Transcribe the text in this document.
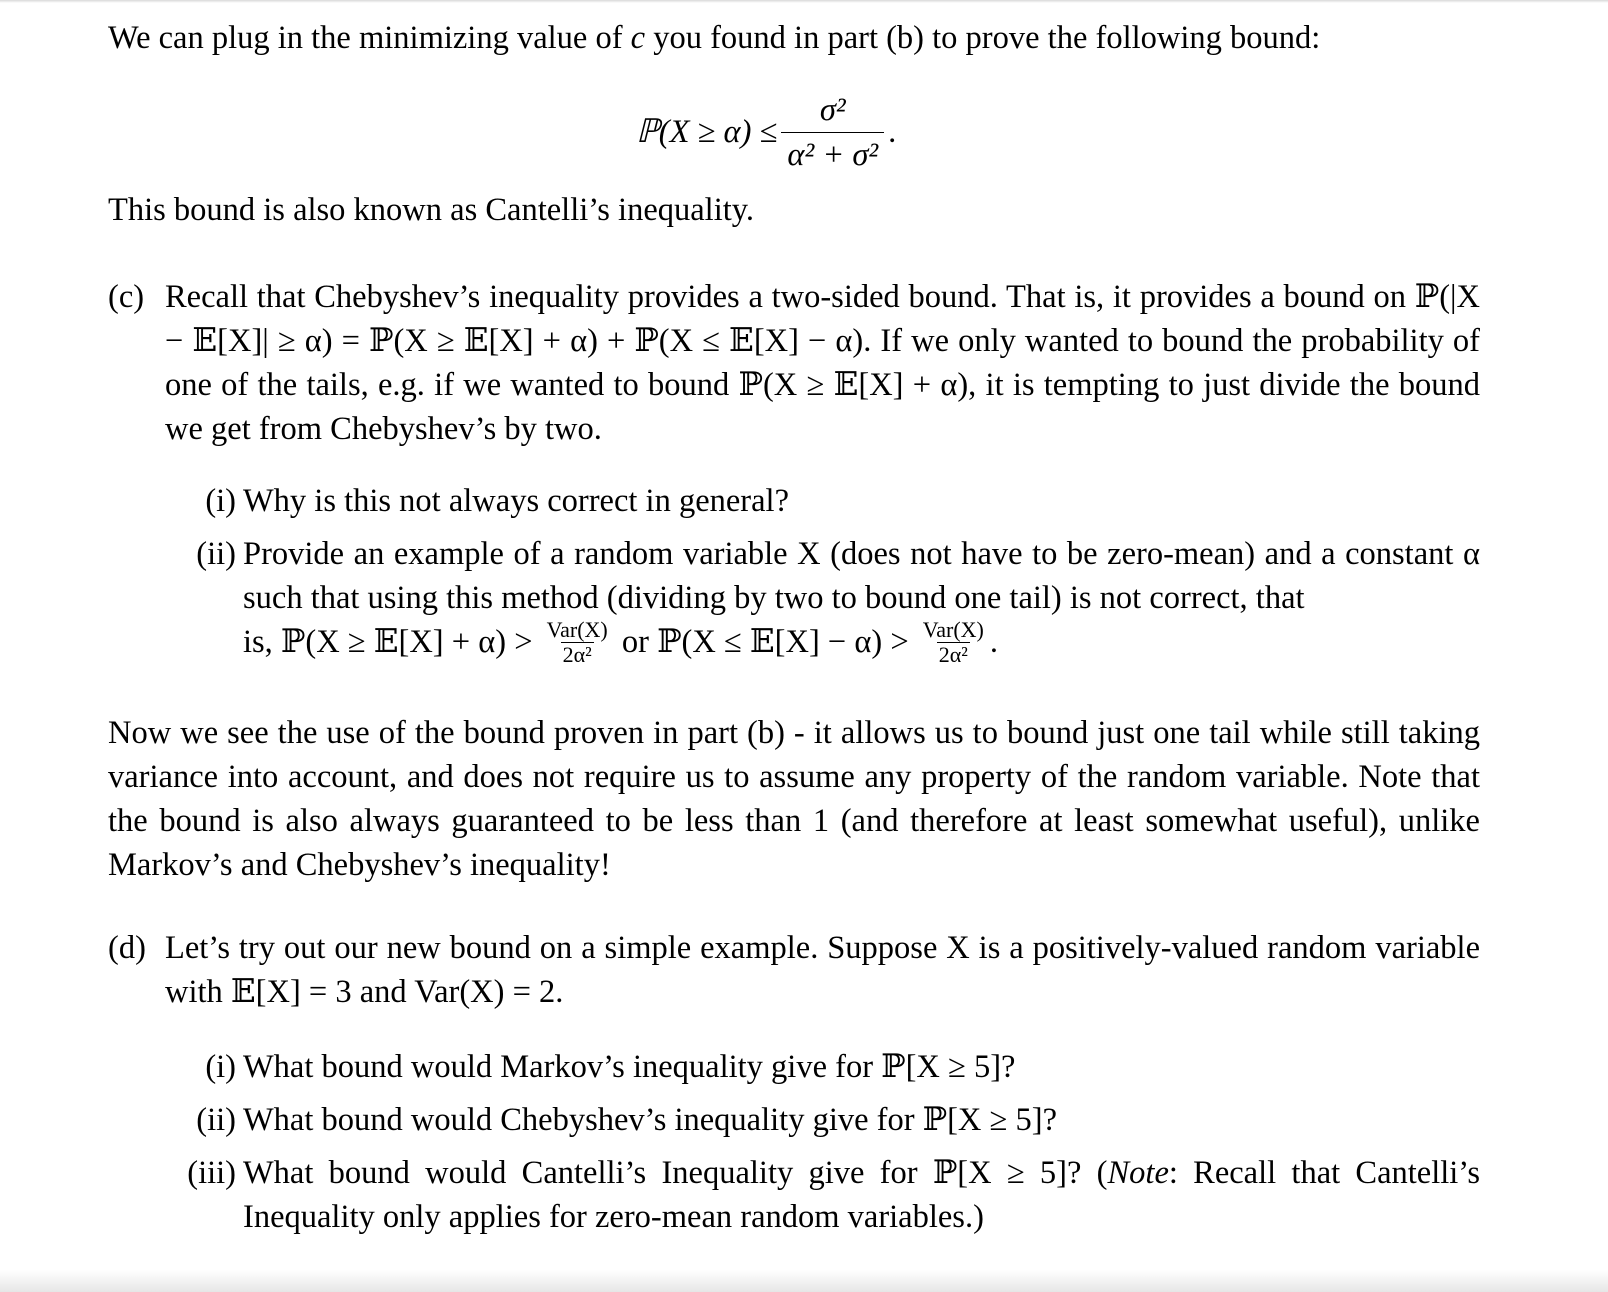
We can plug in the minimizing value of c you found in part (b) to prove the following bound:

ℙ(X ≥ $\alpha) \le \frac{\text{σ²}}{\text{α² + σ²}}$ .

This bound is also known as Cantelli’s inequality.

(c) Recall that Chebyshev’s inequality provides a two-sided bound. That is, it provides a bound on ℙ(|X − 𝔼[X]| ≥ α) = ℙ(X ≥ 𝔼[X] + α) + ℙ(X ≤ 𝔼[X] − α). If we only wanted to bound the probability of one of the tails, e.g. if we wanted to bound ℙ(X ≥ 𝔼[X] + α), it is tempting to just divide the bound we get from Chebyshev’s by two.

(i) Why is this not always correct in general?

(ii) Provide an example of a random variable X (does not have to be zero-mean) and a constant α such that using this method (dividing by two to bound one tail) is not correct, that

is, ℙ(X ≥ 𝔼[X] + α) > Var(X)
2α² or ℙ(X ≤ 𝔼[X] − α) > Var(X)
2α² .

Now we see the use of the bound proven in part (b) - it allows us to bound just one tail while still taking variance into account, and does not require us to assume any property of the random variable. Note that the bound is also always guaranteed to be less than 1 (and therefore at least somewhat useful), unlike Markov’s and Chebyshev’s inequality!

(d) Let’s try out our new bound on a simple example. Suppose X is a positively-valued random variable with 𝔼[X] = 3 and Var(X) = 2.

(i) What bound would Markov’s inequality give for ℙ[X ≥ 5]?

(ii) What bound would Chebyshev’s inequality give for ℙ[X ≥ 5]?

(iii) What bound would Cantelli’s Inequality give for ℙ[X ≥ 5]? (Note: Recall that Cantelli’s Inequality only applies for zero-mean random variables.)
